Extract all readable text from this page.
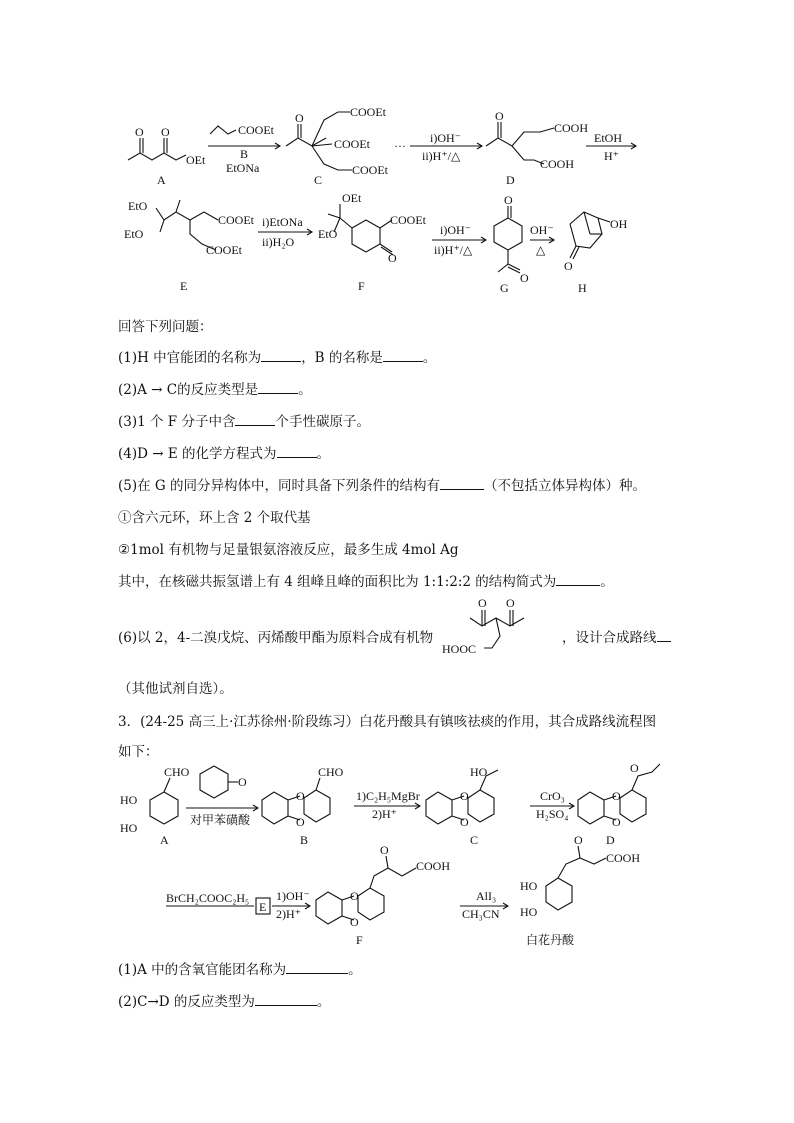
O O
OEt
A
COOEt
B
EtONa
O	COOEt
COOEt
COOEt
C
···
i)OH⁻
ii)H⁺/△
O
COOH
COOH
D
EtOH
H⁺
EtO
EtO
COOEt
COOEt
E
i)EtONa
ii)H₂O
OEt
EtO
COOEt
O
F
i)OH⁻
ii)H⁺/△
O
O
G
OH⁻
△
OH
O
H
回答下列问题：
(1)H 中官能团的名称为	，B 的名称是	。
(2)A → C的反应类型是	。
(3)1 个 F 分子中含	个手性碳原子。
(4)D → E 的化学方程式为	。
(5)在 G 的同分异构体中，同时具备下列条件的结构有	（不包括立体异构体）种。
①含六元环，环上含 2 个取代基
②1mol 有机物与足量银氨溶液反应，最多生成 4mol Ag
其中，在核磁共振氢谱上有 4 组峰且峰的面积比为 1:1:2:2 的结构简式为	。
(6)以 2，4-二溴戊烷、丙烯酸甲酯为原料合成有机物
O O
HOOC
，设计合成路线
（其他试剂自选）。
3．(24-25 高三上·江苏徐州·阶段练习）白花丹酸具有镇咳祛痰的作用，其合成路线流程图
如下：
CHO
HO
HO
A
O
对甲苯磺酸
O
O
CHO
B
1)C₂H₅MgBr
2)H⁺
HO
O
O
C
CrO₃
H₂SO₄
O
O
O
D
BrCH₂COOC₂H₅
E
1)OH⁻
2)H⁺
O
COOH
O
O
F
AlI₃
CH₃CN
O
COOH
HO
HO
白花丹酸
(1)A 中的含氧官能团名称为	。
(2)C→D 的反应类型为	。
